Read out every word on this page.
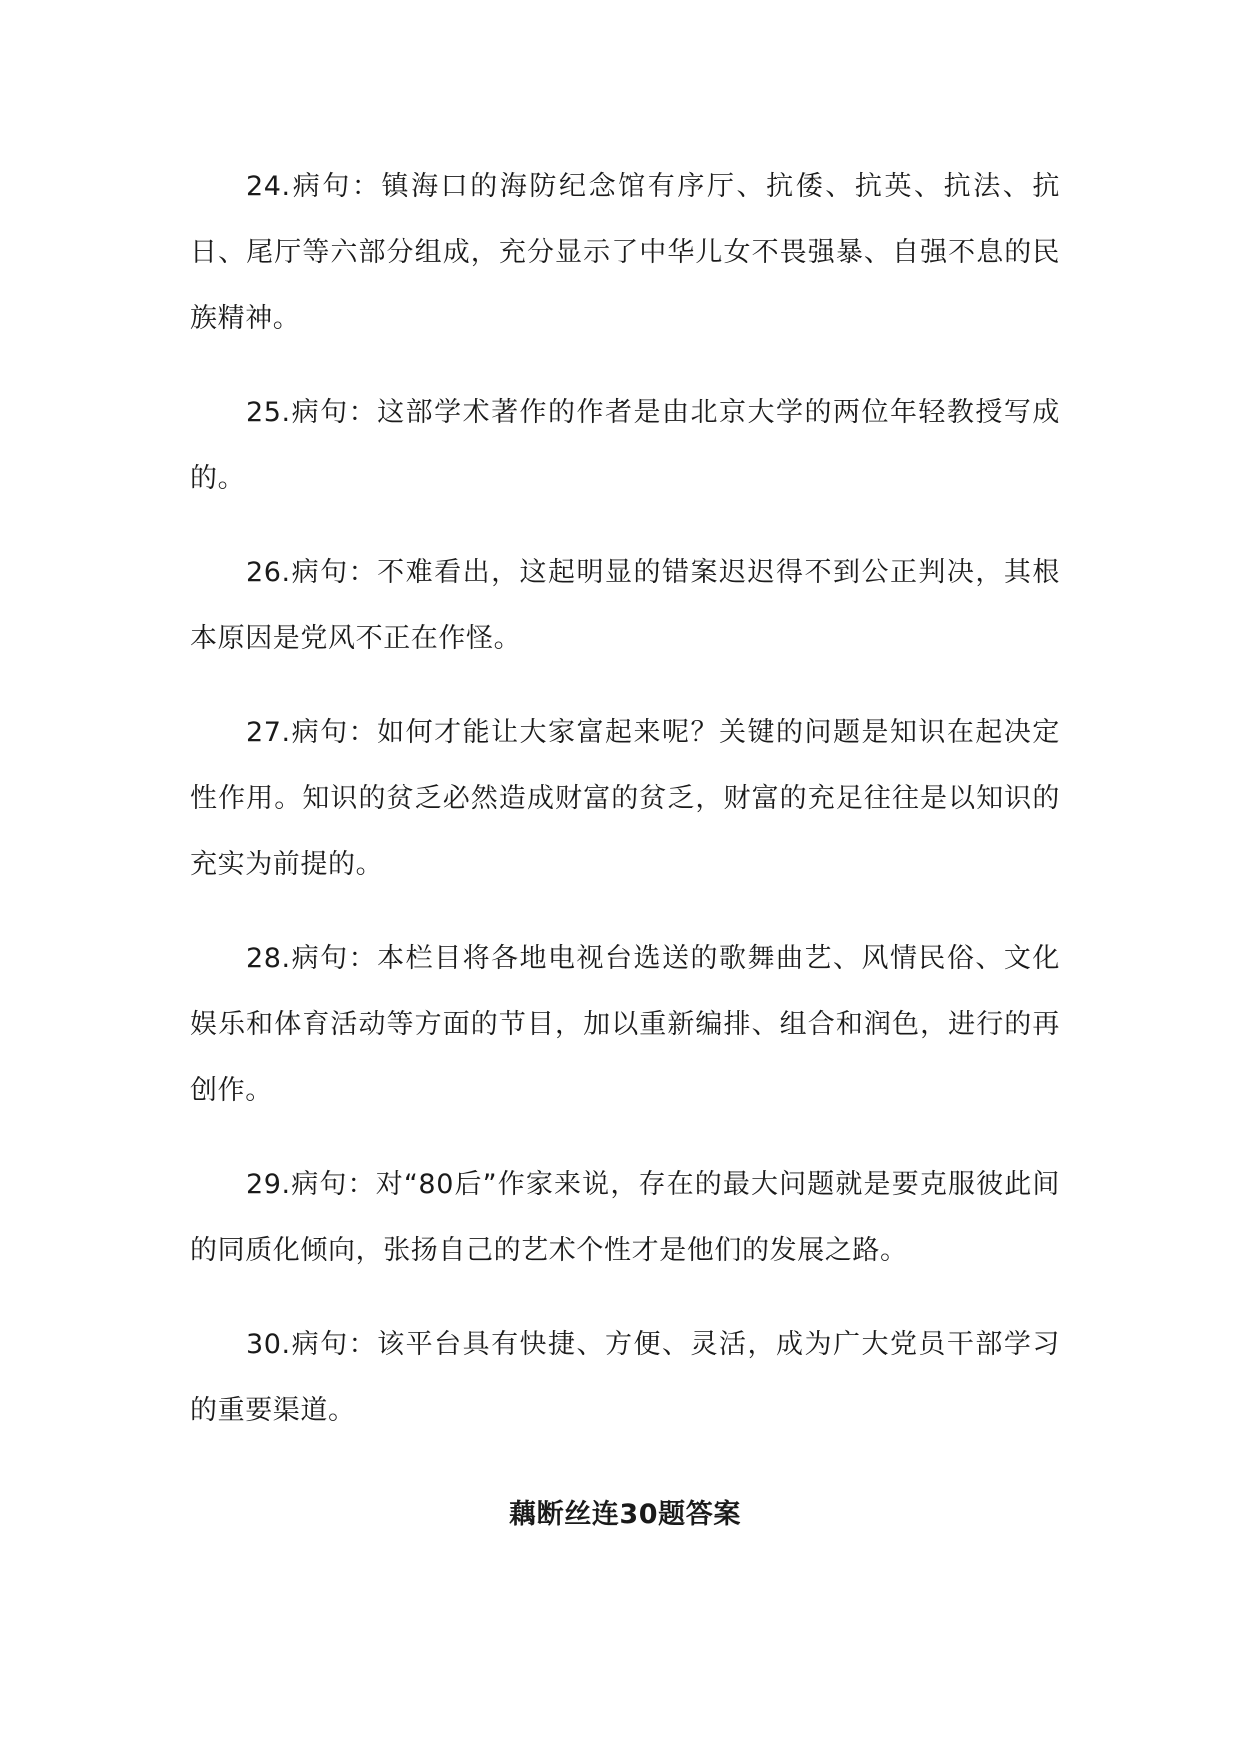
24.病句：镇海口的海防纪念馆有序厅、抗倭、抗英、抗法、抗日、尾厅等六部分组成，充分显示了中华儿女不畏强暴、自强不息的民族精神。

25.病句：这部学术著作的作者是由北京大学的两位年轻教授写成的。

26.病句：不难看出，这起明显的错案迟迟得不到公正判决，其根本原因是党风不正在作怪。

27.病句：如何才能让大家富起来呢？关键的问题是知识在起决定性作用。知识的贫乏必然造成财富的贫乏，财富的充足往往是以知识的充实为前提的。

28.病句：本栏目将各地电视台选送的歌舞曲艺、风情民俗、文化娱乐和体育活动等方面的节目，加以重新编排、组合和润色，进行的再创作。

29.病句：对“80后”作家来说，存在的最大问题就是要克服彼此间的同质化倾向，张扬自己的艺术个性才是他们的发展之路。

30.病句：该平台具有快捷、方便、灵活，成为广大党员干部学习的重要渠道。

藕断丝连30题答案
